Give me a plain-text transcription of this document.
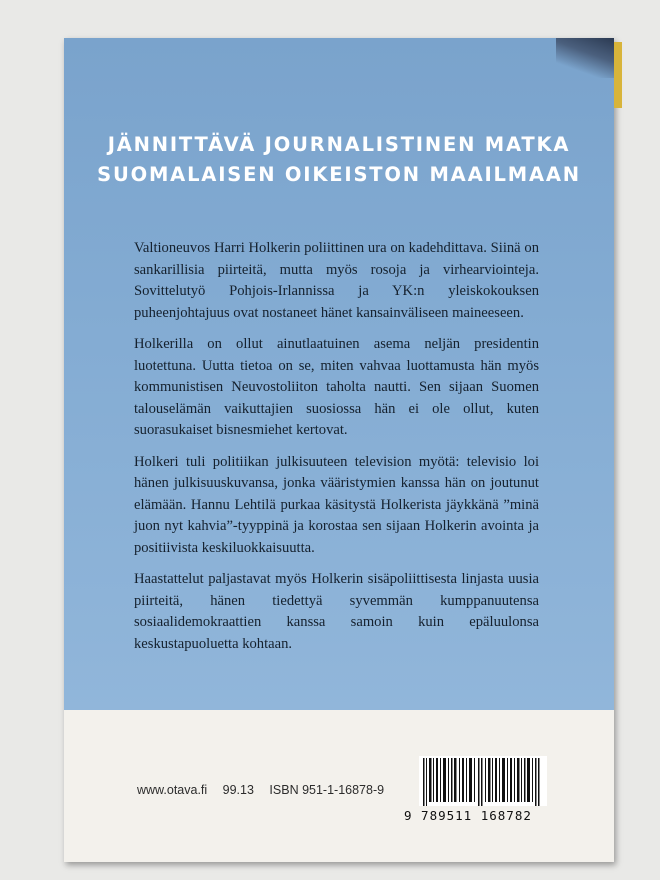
JÄNNITTÄVÄ JOURNALISTINEN MATKA
SUOMALAISEN OIKEISTON MAAILMAAN

Valtioneuvos Harri Holkerin poliittinen ura on kadehdittava. Siinä on sankarillisia piirteitä, mutta myös rosoja ja virhearviointeja. Sovittelutyö Pohjois-Irlannissa ja YK:n yleiskokouksen puheenjohtajuus ovat nostaneet hänet kansainväliseen maineeseen.

Holkerilla on ollut ainutlaatuinen asema neljän presidentin luotettuna. Uutta tietoa on se, miten vahvaa luottamusta hän myös kommunistisen Neuvostoliiton taholta nautti. Sen sijaan Suomen talouselämän vaikuttajien suosiossa hän ei ole ollut, kuten suorasukaiset bisnesmiehet kertovat.

Holkeri tuli politiikan julkisuuteen television myötä: televisio loi hänen julkisuuskuvansa, jonka vääristymien kanssa hän on joutunut elämään. Hannu Lehtilä purkaa käsitystä Holkerista jäykkänä ”minä juon nyt kahvia”-tyyppinä ja korostaa sen sijaan Holkerin avointa ja positiivista keskiluokkaisuutta.

Haastattelut paljastavat myös Holkerin sisäpoliittisesta linjasta uusia piirteitä, hänen tiedettyä syvemmän kumppanuutensa sosiaalidemokraattien kanssa samoin kuin epäluulonsa keskustapuoluetta kohtaan.

www.otava.fi 99.13 ISBN 951-1-16878-9
9 789511 168782
